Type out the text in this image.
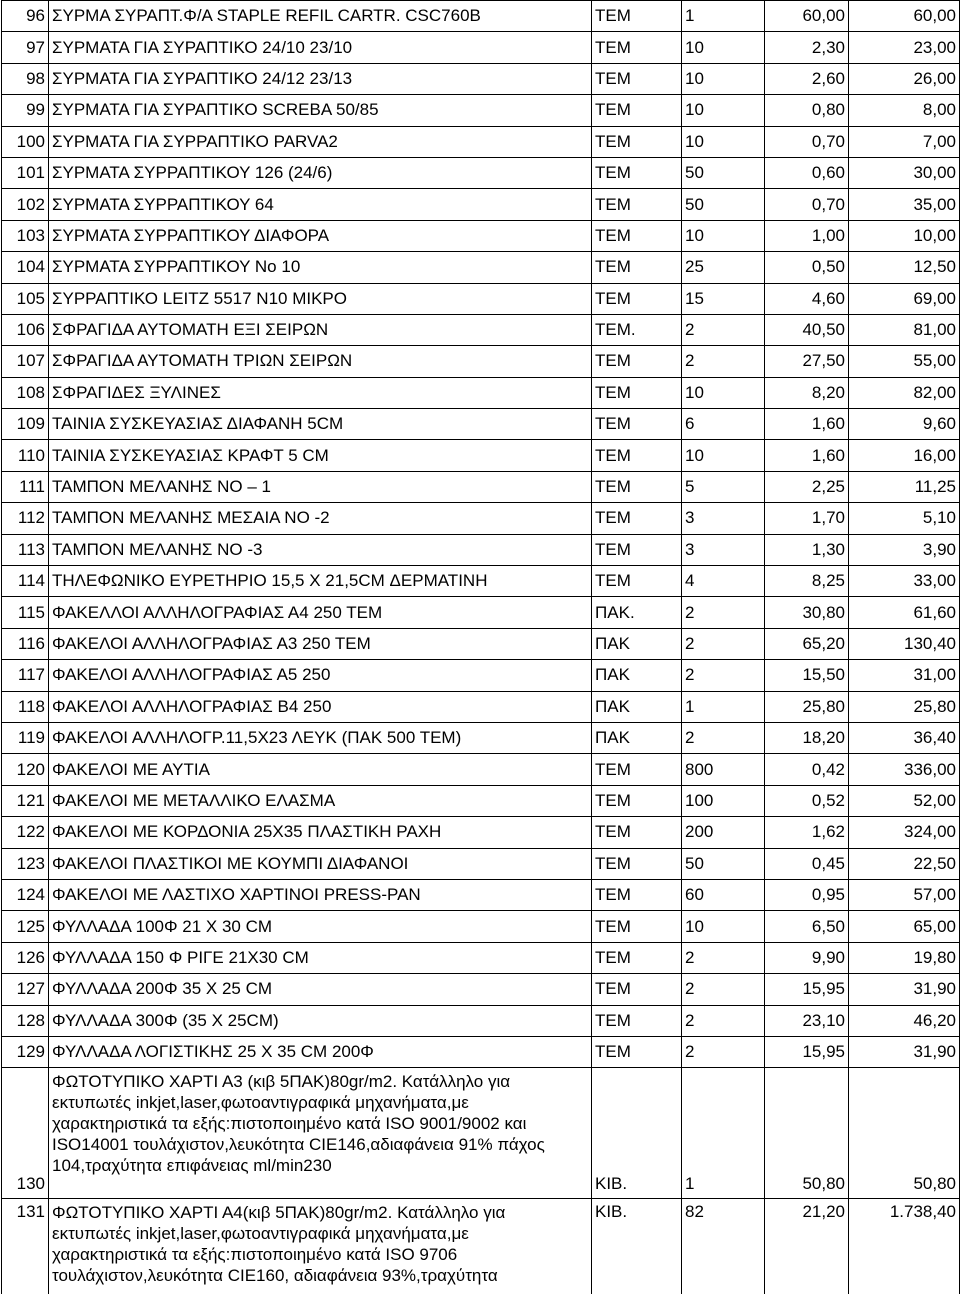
96	ΣΥΡΜΑ ΣΥΡΑΠΤ.Φ/Α STAPLE REFIL CARTR. CSC760B	ΤΕΜ	1	60,00	60,00
97	ΣΥΡΜΑΤΑ ΓΙΑ ΣΥΡΑΠΤΙΚΟ 24/10 23/10	ΤΕΜ	10	2,30	23,00
98	ΣΥΡΜΑΤΑ ΓΙΑ ΣΥΡΑΠΤΙΚΟ 24/12 23/13	ΤΕΜ	10	2,60	26,00
99	ΣΥΡΜΑΤΑ ΓΙΑ ΣΥΡΑΠΤΙΚΟ SCREBA 50/85	ΤΕΜ	10	0,80	8,00
100	ΣΥΡΜΑΤΑ ΓΙΑ ΣΥΡΡΑΠΤΙΚΟ PARVA2	ΤΕΜ	10	0,70	7,00
101	ΣΥΡΜΑΤΑ ΣΥΡΡΑΠΤΙΚΟΥ 126 (24/6)	ΤΕΜ	50	0,60	30,00
102	ΣΥΡΜΑΤΑ ΣΥΡΡΑΠΤΙΚΟΥ 64	ΤΕΜ	50	0,70	35,00
103	ΣΥΡΜΑΤΑ ΣΥΡΡΑΠΤΙΚΟΥ ΔΙΑΦΟΡΑ	ΤΕΜ	10	1,00	10,00
104	ΣΥΡΜΑΤΑ ΣΥΡΡΑΠΤΙΚΟΥ Νο 10	ΤΕΜ	25	0,50	12,50
105	ΣΥΡΡΑΠΤΙΚΟ LEITZ 5517 Ν10 ΜΙΚΡΟ	ΤΕΜ	15	4,60	69,00
106	ΣΦΡΑΓΙΔΑ ΑΥΤΟΜΑΤΗ ΕΞΙ ΣΕΙΡΩΝ	ΤΕΜ.	2	40,50	81,00
107	ΣΦΡΑΓΙΔΑ ΑΥΤΟΜΑΤΗ ΤΡΙΩΝ ΣΕΙΡΩΝ	ΤΕΜ	2	27,50	55,00
108	ΣΦΡΑΓΙΔΕΣ ΞΥΛΙΝΕΣ	ΤΕΜ	10	8,20	82,00
109	ΤΑΙΝΙΑ ΣΥΣΚΕΥΑΣΙΑΣ ΔΙΑΦΑΝΗ 5CM	ΤΕΜ	6	1,60	9,60
110	ΤΑΙΝΙΑ ΣΥΣΚΕΥΑΣΙΑΣ ΚΡΑΦΤ 5 CM	ΤΕΜ	10	1,60	16,00
111	ΤΑΜΠΟΝ ΜΕΛΑΝΗΣ ΝΟ – 1	ΤΕΜ	5	2,25	11,25
112	ΤΑΜΠΟΝ ΜΕΛΑΝΗΣ ΜΕΣΑΙΑ ΝΟ -2	ΤΕΜ	3	1,70	5,10
113	ΤΑΜΠΟΝ ΜΕΛΑΝΗΣ ΝΟ -3	ΤΕΜ	3	1,30	3,90
114	ΤΗΛΕΦΩΝΙΚΟ ΕΥΡΕΤΗΡΙΟ 15,5 Χ 21,5CM ΔΕΡΜΑΤΙΝΗ	ΤΕΜ	4	8,25	33,00
115	ΦΑΚΕΛΛΟΙ ΑΛΛΗΛΟΓΡΑΦΙΑΣ Α4 250 ΤΕΜ	ΠΑΚ.	2	30,80	61,60
116	ΦΑΚΕΛΟΙ ΑΛΛΗΛΟΓΡΑΦΙΑΣ Α3 250 ΤΕΜ	ΠΑΚ	2	65,20	130,40
117	ΦΑΚΕΛΟΙ ΑΛΛΗΛΟΓΡΑΦΙΑΣ Α5 250	ΠΑΚ	2	15,50	31,00
118	ΦΑΚΕΛΟΙ ΑΛΛΗΛΟΓΡΑΦΙΑΣ Β4 250	ΠΑΚ	1	25,80	25,80
119	ΦΑΚΕΛΟΙ ΑΛΛΗΛΟΓΡ.11,5Χ23 ΛΕΥΚ (ΠΑΚ 500 ΤΕΜ)	ΠΑΚ	2	18,20	36,40
120	ΦΑΚΕΛΟΙ ΜΕ ΑΥΤΙΑ	ΤΕΜ	800	0,42	336,00
121	ΦΑΚΕΛΟΙ ΜΕ ΜΕΤΑΛΛΙΚΟ ΕΛΑΣΜΑ	ΤΕΜ	100	0,52	52,00
122	ΦΑΚΕΛΟΙ ΜΕ ΚΟΡΔΟΝΙΑ 25Χ35 ΠΛΑΣΤΙΚΗ ΡΑΧΗ	ΤΕΜ	200	1,62	324,00
123	ΦΑΚΕΛΟΙ ΠΛΑΣΤΙΚΟΙ ΜΕ ΚΟΥΜΠΙ ΔΙΑΦΑΝΟΙ	ΤΕΜ	50	0,45	22,50
124	ΦΑΚΕΛΟΙ ΜΕ ΛΑΣΤΙΧΟ ΧΑΡΤΙΝΟΙ PRESS-PAN	ΤΕΜ	60	0,95	57,00
125	ΦΥΛΛΑΔΑ 100Φ 21 Χ 30 CM	ΤΕΜ	10	6,50	65,00
126	ΦΥΛΛΑΔΑ 150 Φ ΡΙΓΕ 21Χ30 CM	ΤΕΜ	2	9,90	19,80
127	ΦΥΛΛΑΔΑ 200Φ 35 Χ 25 CM	ΤΕΜ	2	15,95	31,90
128	ΦΥΛΛΑΔΑ 300Φ (35 Χ 25CM)	ΤΕΜ	2	23,10	46,20
129	ΦΥΛΛΑΔΑ ΛΟΓΙΣΤΙΚΗΣ 25 Χ 35 CM 200Φ	ΤΕΜ	2	15,95	31,90
130	ΦΩΤΟΤΥΠΙΚΟ ΧΑΡΤΙ Α3 (κιβ 5ΠΑΚ)80gr/m2. Κατάλληλο για εκτυπωτές inkjet,laser,φωτοαντιγραφικά μηχανήματα,με χαρακτηριστικά τα εξής:πιστοποιημένο κατά ISO 9001/9002 και ISO14001 τουλάχιστον,λευκότητα CIE146,αδιαφάνεια 91% πάχος 104,τραχύτητα επιφάνειας ml/min230	ΚΙΒ.	1	50,80	50,80
131	ΦΩΤΟΤΥΠΙΚΟ ΧΑΡΤΙ Α4(κιβ 5ΠΑΚ)80gr/m2. Κατάλληλο για εκτυπωτές inkjet,laser,φωτοαντιγραφικά μηχανήματα,με χαρακτηριστικά τα εξής:πιστοποιημένο κατά ISO 9706 τουλάχιστον,λευκότητα CIE160, αδιαφάνεια 93%,τραχύτητα	ΚΙΒ.	82	21,20	1.738,40
